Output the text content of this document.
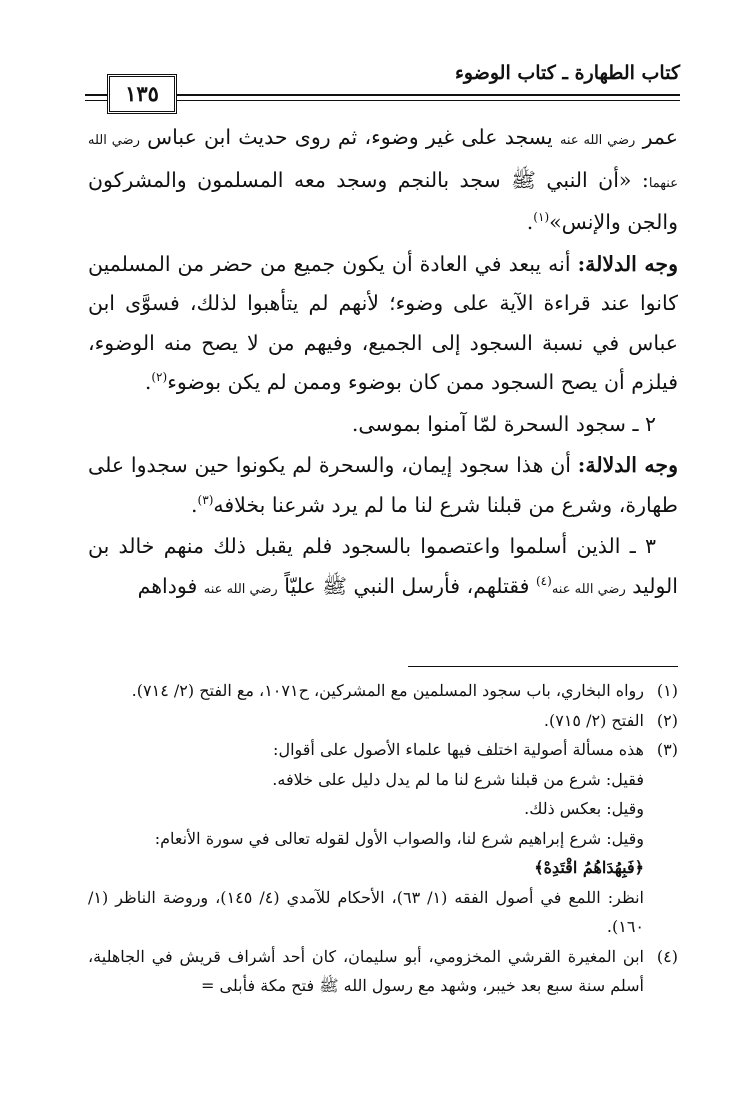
كتاب الطهارة ـ كتاب الوضوء
١٣٥

عمر رضي الله عنه يسجد على غير وضوء، ثم روى حديث ابن عباس رضي الله عنهما: «أن النبي ﷺ سجد بالنجم وسجد معه المسلمون والمشركون والجن والإنس»$^{(١)}$.

وجه الدلالة: أنه يبعد في العادة أن يكون جميع من حضر من المسلمين كانوا عند قراءة الآية على وضوء؛ لأنهم لم يتأهبوا لذلك، فسوَّى ابن عباس في نسبة السجود إلى الجميع، وفيهم من لا يصح منه الوضوء، فيلزم أن يصح السجود ممن كان بوضوء وممن لم يكن بوضوء$^{(٢)}$.

٢ ـ سجود السحرة لمّا آمنوا بموسى.

وجه الدلالة: أن هذا سجود إيمان، والسحرة لم يكونوا حين سجدوا على طهارة، وشرع من قبلنا شرع لنا ما لم يرد شرعنا بخلافه$^{(٣)}$.

٣ ـ الذين أسلموا واعتصموا بالسجود فلم يقبل ذلك منهم خالد بن الوليد رضي الله عنه$^{(٤)}$ فقتلهم، فأرسل النبي ﷺ عليّاً رضي الله عنه فوداهم

(١)

رواه البخاري، باب سجود المسلمين مع المشركين، ح١٠٧١، مع الفتح (٢/ ٧١٤).

(٢)

الفتح (٢/ ٧١٥).

(٣)

هذه مسألة أصولية اختلف فيها علماء الأصول على أقوال:

فقيل: شرع من قبلنا شرع لنا ما لم يدل دليل على خلافه.

وقيل: بعكس ذلك.

وقيل: شرع إبراهيم شرع لنا، والصواب الأول لقوله تعالى في سورة الأنعام:

﴿فَبِهُدَاهُمُ اقْتَدِهْ﴾

انظر: اللمع في أصول الفقه (١/ ٦٣)، الأحكام للآمدي (٤/ ١٤٥)، وروضة الناظر (١/ ١٦٠).

(٤)

ابن المغيرة القرشي المخزومي، أبو سليمان، كان أحد أشراف قريش في الجاهلية، أسلم سنة سبع بعد خيبر، وشهد مع رسول الله ﷺ فتح مكة فأبلى =
